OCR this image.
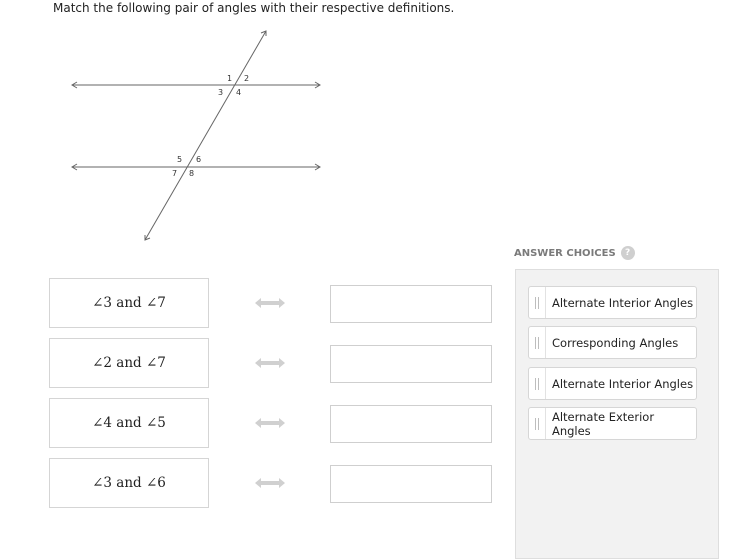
Match the following pair of angles with their respective definitions.
1 2
3 4
5 6
7 8
∠3 and ∠7
∠2 and ∠7
∠4 and ∠5
∠3 and ∠6
ANSWER CHOICES	?
Alternate Interior Angles
Corresponding Angles
Alternate Interior Angles
Alternate Exterior Angles
